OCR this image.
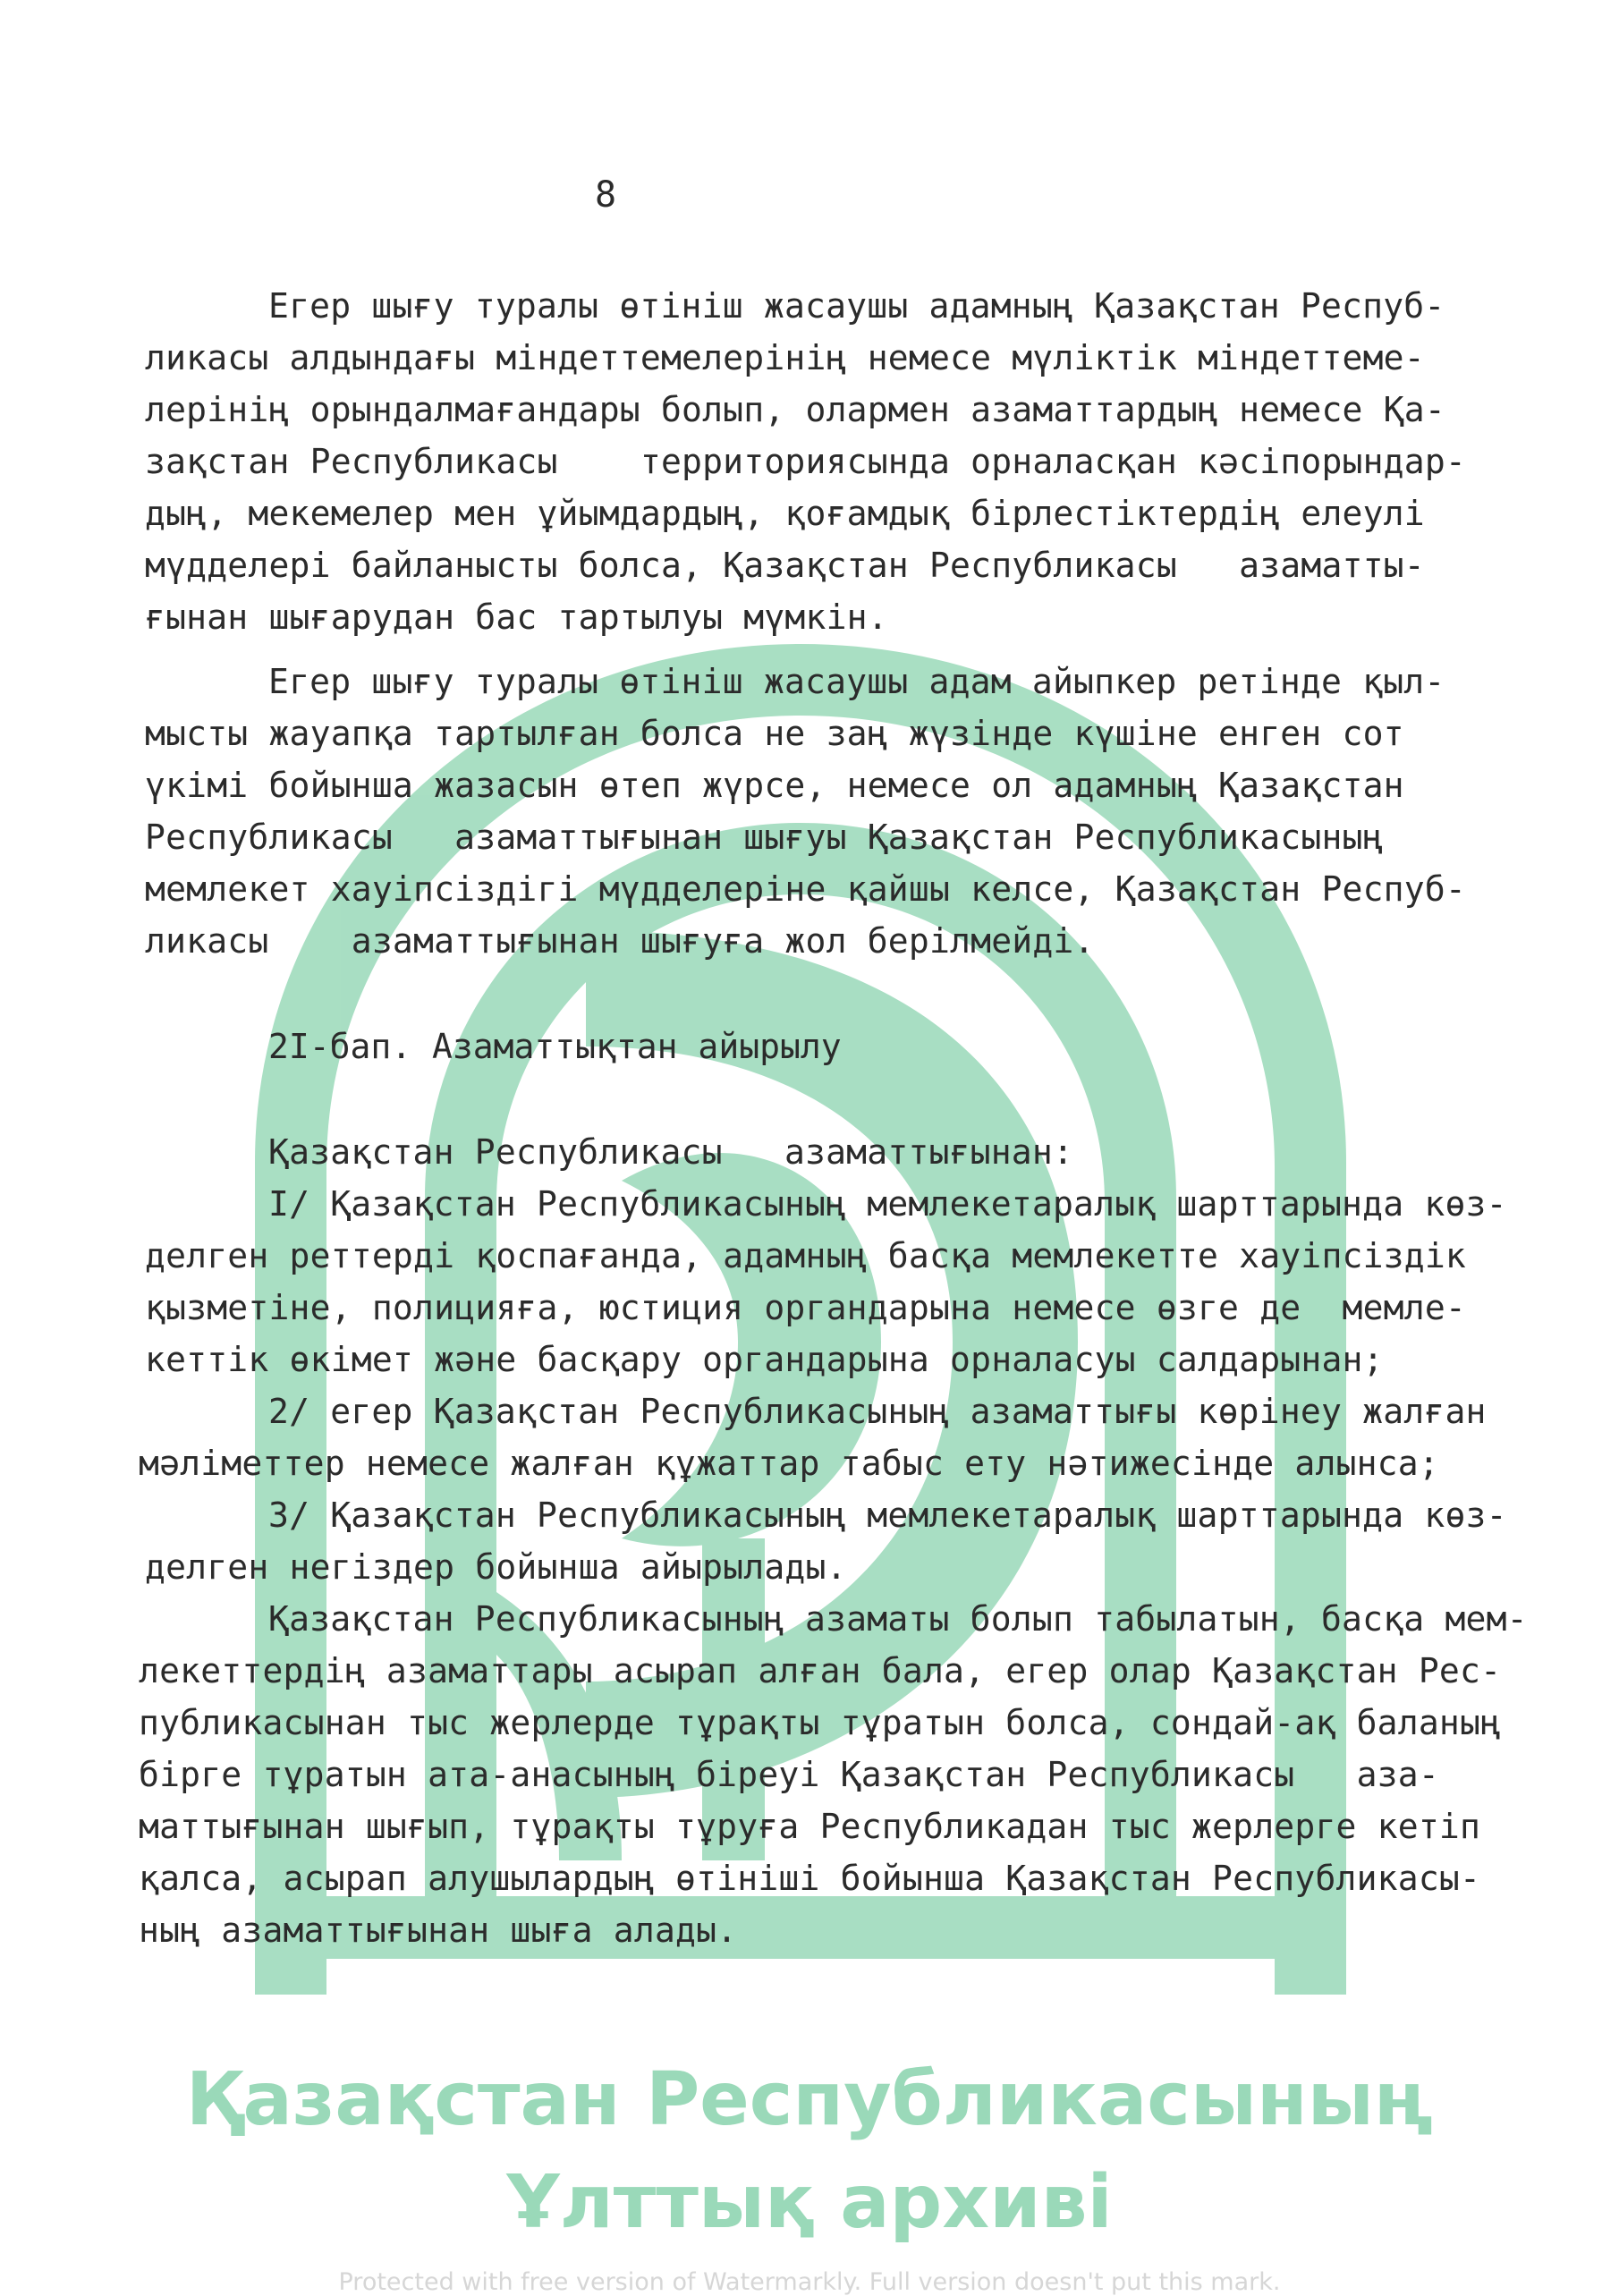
Қазақстан Республикасының
Ұлттық архиві
Protected with free version of Watermarkly. Full version doesn't put this mark.
8
Егер шығу туралы өтініш жасаушы адамның Қазақстан Респуб-
ликасы алдындағы міндеттемелерінің немесе мүліктік міндеттеме-
лерінің орындалмағандары болып, олармен азаматтардың немесе Қа-
зақстан Республикасы    территориясында орналасқан кәсіпорындар-
дың, мекемелер мен ұйымдардың, қоғамдық бірлестіктердің елеулі
мүдделері байланысты болса, Қазақстан Республикасы   азаматты-
ғынан шығарудан бас тартылуы мүмкін.
Егер шығу туралы өтініш жасаушы адам айыпкер ретінде қыл-
мысты жауапқа тартылған болса не заң жүзінде күшіне енген сот
үкімі бойынша жазасын өтеп жүрсе, немесе ол адамның Қазақстан
Республикасы   азаматтығынан шығуы Қазақстан Республикасының
мемлекет хауіпсіздігі мүдделеріне қайшы келсе, Қазақстан Респуб-
ликасы    азаматтығынан шығуға жол берілмейді.
2I-бап. Азаматтықтан айырылу
Қазақстан Республикасы   азаматтығынан:
I/ Қазақстан Республикасының мемлекетаралық шарттарында көз-
делген реттерді қоспағанда, адамның басқа мемлекетте хауіпсіздік
қызметіне, полицияға, юстиция органдарына немесе өзге де  мемле-
кеттік өкімет және басқару органдарына орналасуы салдарынан;
2/ егер Қазақстан Республикасының азаматтығы көрінеу жалған
мәліметтер немесе жалған құжаттар табыс ету нәтижесінде алынса;
3/ Қазақстан Республикасының мемлекетаралық шарттарында көз-
делген негіздер бойынша айырылады.
Қазақстан Республикасының азаматы болып табылатын, басқа мем-
лекеттердің азаматтары асырап алған бала, егер олар Қазақстан Рес-
публикасынан тыс жерлерде тұрақты тұратын болса, сондай-ақ баланың
бірге тұратын ата-анасының біреуі Қазақстан Республикасы   аза-
маттығынан шығып, тұрақты тұруға Республикадан тыс жерлерге кетіп
қалса, асырап алушылардың өтініші бойынша Қазақстан Республикасы-
ның азаматтығынан шыға алады.
